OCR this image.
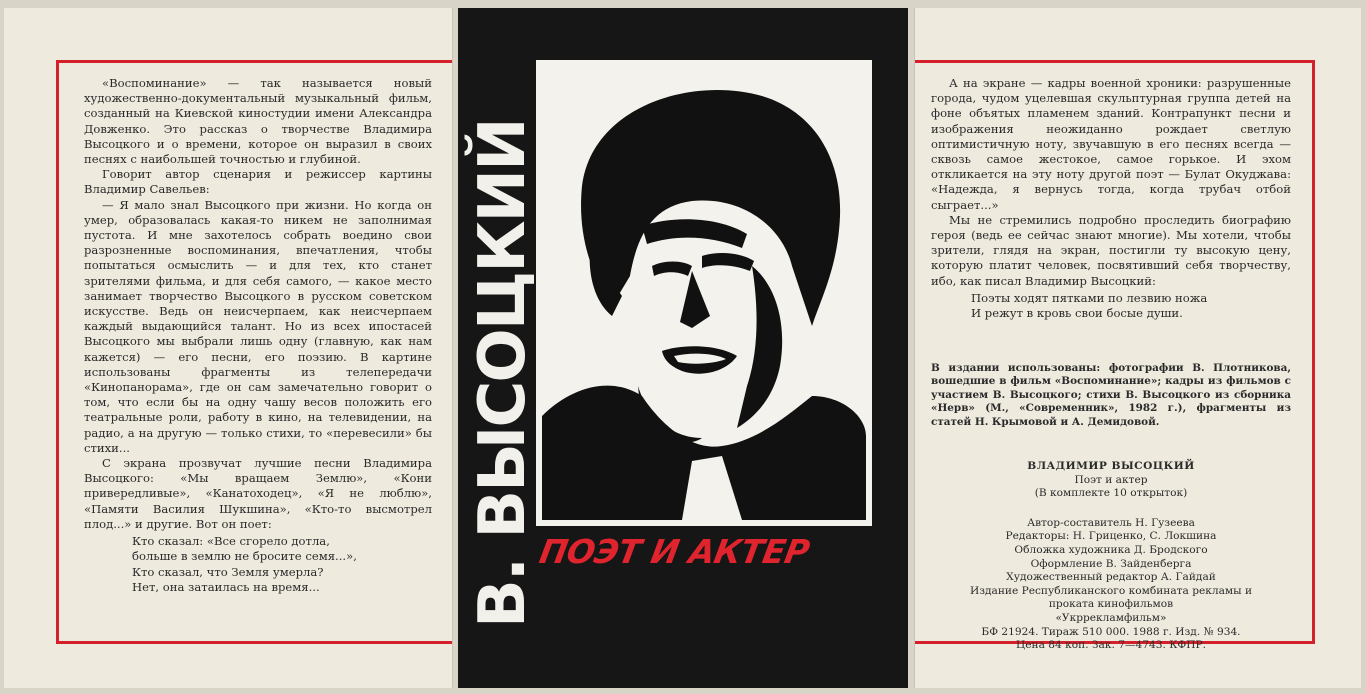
«Воспоминание» — так называется новый художественно-документальный музыкальный фильм, созданный на Киевской киностудии имени Александра Довженко. Это рассказ о творчестве Владимира Высоцкого и о времени, которое он выразил в своих песнях с наибольшей точностью и глубиной.

Говорит автор сценария и режиссер картины Владимир Савельев:

— Я мало знал Высоцкого при жизни. Но когда он умер, образовалась какая-то никем не заполнимая пустота. И мне захотелось собрать воедино свои разрозненные воспоминания, впечатления, чтобы попытаться осмыслить — и для тех, кто станет зрителями фильма, и для себя самого, — какое место занимает творчество Высоцкого в русском советском искусстве. Ведь он неисчерпаем, как неисчерпаем каждый выдающийся талант. Но из всех ипостасей Высоцкого мы выбрали лишь одну (главную, как нам кажется) — его песни, его поэзию. В картине использованы фрагменты из телепередачи «Кинопанорама», где он сам замечательно говорит о том, что если бы на одну чашу весов положить его театральные роли, работу в кино, на телевидении, на радио, а на другую — только стихи, то «перевесили» бы стихи...

С экрана прозвучат лучшие песни Владимира Высоцкого: «Мы вращаем Землю», «Кони привередливые», «Канатоходец», «Я не люблю», «Памяти Василия Шукшина», «Кто-то высмотрел плод...» и другие. Вот он поет:

Кто сказал: «Все сгорело дотла,
больше в землю не бросите семя...»,
Кто сказал, что Земля умерла?
Нет, она затаилась на время...	В. ВЫСОЦКИЙ
ПОЭТ И АКТЕР

А на экране — кадры военной хроники: разрушенные города, чудом уцелевшая скульптурная группа детей на фоне объятых пламенем зданий. Контрапункт песни и изображения неожиданно рождает светлую оптимистичную ноту, звучавшую в его песнях всегда — сквозь самое жестокое, самое горькое. И эхом откликается на эту ноту другой поэт — Булат Окуджава: «Надежда, я вернусь тогда, когда трубач отбой сыграет...»

Мы не стремились подробно проследить биографию героя (ведь ее сейчас знают многие). Мы хотели, чтобы зрители, глядя на экран, постигли ту высокую цену, которую платит человек, посвятивший себя творчеству, ибо, как писал Владимир Высоцкий:

Поэты ходят пятками по лезвию ножа
И режут в кровь свои босые души.
В издании использованы: фотографии В. Плотникова, вошедшие в фильм «Воспоминание»; кадры из фильмов с участием В. Высоцкого; стихи В. Высоцкого из сборника «Нерв» (М., «Современник», 1982 г.), фрагменты из статей Н. Крымовой и А. Демидовой.
ВЛАДИМИР ВЫСОЦКИЙ
Поэт и актер
(В комплекте 10 открыток)
Автор-составитель Н. Гузеева
Редакторы: Н. Гриценко, С. Локшина
Обложка художника Д. Бродского
Оформление В. Зайденберга
Художественный редактор А. Гайдай
Издание Республиканского комбината рекламы и
проката кинофильмов
«Укррекламфильм»
БФ 21924. Тираж 510 000. 1988 г. Изд. № 934.
Цена 84 коп. Зак. 7—4743. КФПР.
